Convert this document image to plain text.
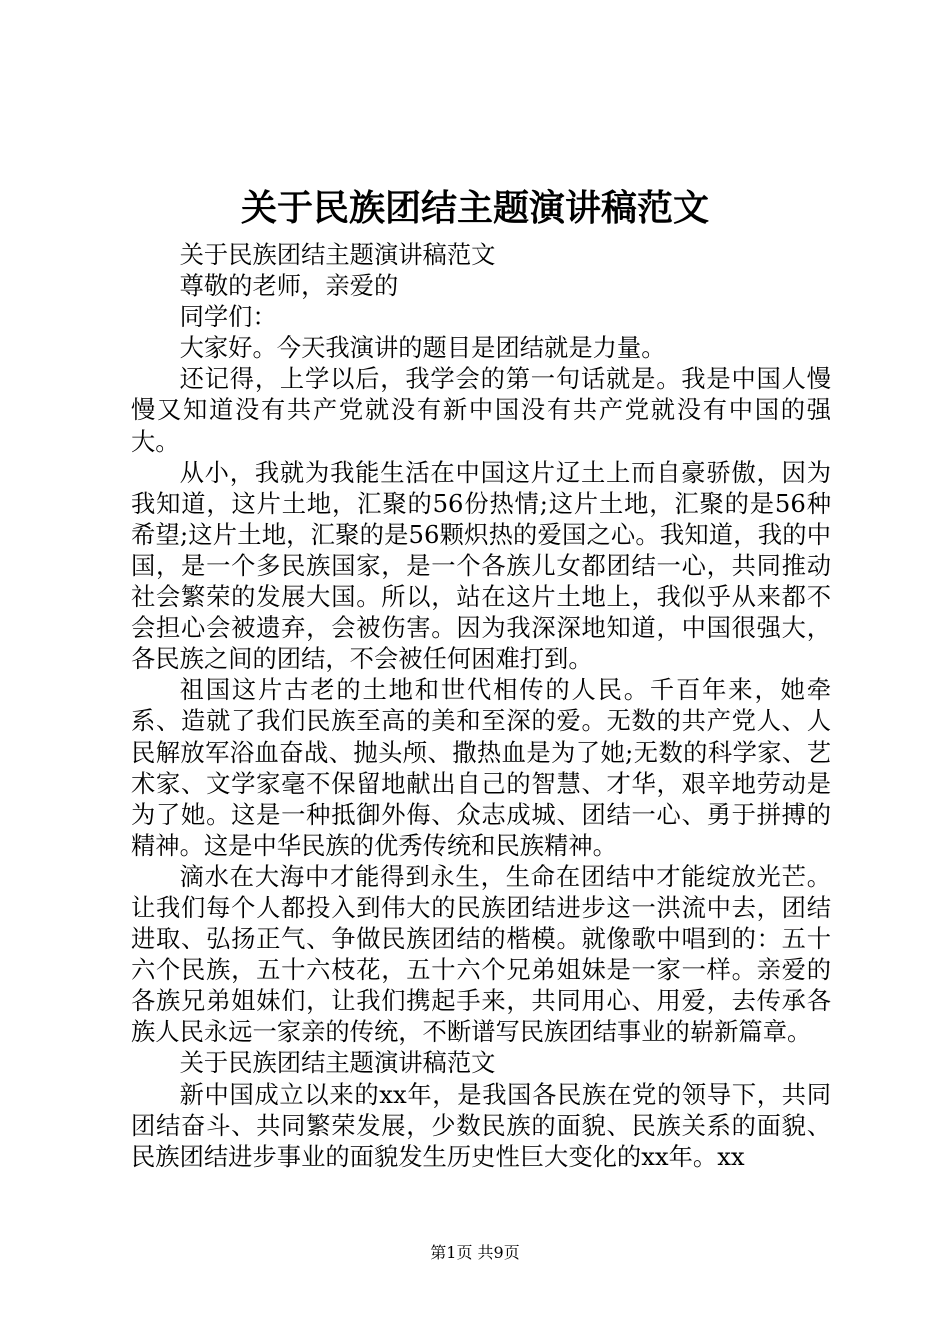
关于民族团结主题演讲稿范文

关于民族团结主题演讲稿范文

尊敬的老师，亲爱的

同学们：

大家好。今天我演讲的题目是团结就是力量。

还记得，上学以后，我学会的第一句话就是。我是中国人慢慢又知道没有共产党就没有新中国没有共产党就没有中国的强大。

从小，我就为我能生活在中国这片辽土上而自豪骄傲，因为我知道，这片土地，汇聚的56份热情;这片土地，汇聚的是56种希望;这片土地，汇聚的是56颗炽热的爱国之心。我知道，我的中国，是一个多民族国家，是一个各族儿女都团结一心，共同推动社会繁荣的发展大国。所以，站在这片土地上，我似乎从来都不会担心会被遗弃，会被伤害。因为我深深地知道，中国很强大，各民族之间的团结，不会被任何困难打到。

祖国这片古老的土地和世代相传的人民。千百年来，她牵系、造就了我们民族至高的美和至深的爱。无数的共产党人、人民解放军浴血奋战、抛头颅、撒热血是为了她;无数的科学家、艺术家、文学家毫不保留地献出自己的智慧、才华，艰辛地劳动是为了她。这是一种抵御外侮、众志成城、团结一心、勇于拼搏的精神。这是中华民族的优秀传统和民族精神。

滴水在大海中才能得到永生，生命在团结中才能绽放光芒。让我们每个人都投入到伟大的民族团结进步这一洪流中去，团结进取、弘扬正气、争做民族团结的楷模。就像歌中唱到的：五十六个民族，五十六枝花，五十六个兄弟姐妹是一家一样。亲爱的各族兄弟姐妹们，让我们携起手来，共同用心、用爱，去传承各族人民永远一家亲的传统，不断谱写民族团结事业的崭新篇章。

关于民族团结主题演讲稿范文

新中国成立以来的xx年，是我国各民族在党的领导下，共同团结奋斗、共同繁荣发展，少数民族的面貌、民族关系的面貌、民族团结进步事业的面貌发生历史性巨大变化的xx年。xx

第1页 共9页
